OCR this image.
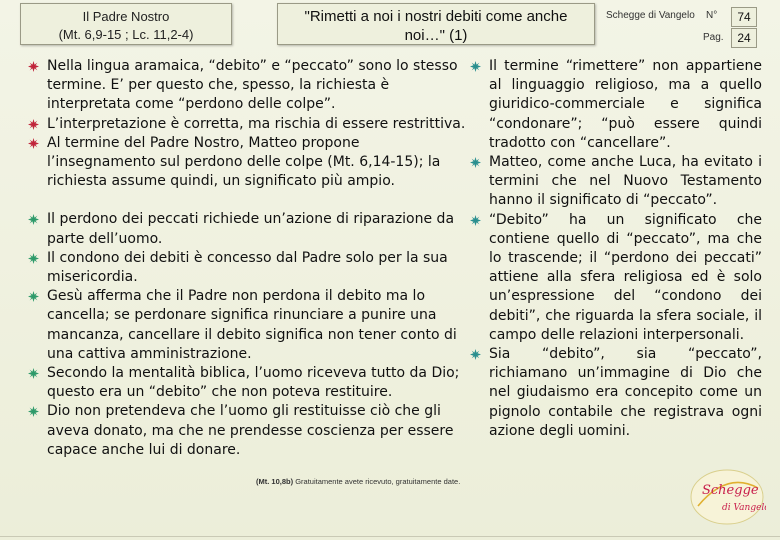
Il Padre Nostro
(Mt. 6,9-15 ; Lc. 11,2-4)
"Rimetti a noi i nostri debiti come anche
noi…" (1)
Schegge di Vangelo N°	74
Pag.	24
Nella lingua aramaica, “debito” e “peccato” sono lo stesso termine. E’ per questo che, spesso, la richiesta è interpretata come “perdono delle colpe”.
L’interpretazione è corretta, ma rischia di essere restrittiva.
Al termine del Padre Nostro, Matteo propone l’insegnamento sul perdono delle colpe (Mt. 6,14-15); la richiesta assume quindi, un significato più ampio.
Il perdono dei peccati richiede un’azione di riparazione da parte dell’uomo.
Il condono dei debiti è concesso dal Padre solo per la sua misericordia.
Gesù afferma che il Padre non perdona il debito ma lo cancella; se perdonare significa rinunciare a punire una mancanza, cancellare il debito significa non tener conto di una cattiva amministrazione.
Secondo la mentalità biblica, l’uomo riceveva tutto da Dio; questo era un “debito” che non poteva restituire.
Dio non pretendeva che l’uomo gli restituisse ciò che gli aveva donato, ma che ne prendesse coscienza per essere capace anche lui di donare.
Il termine “rimettere” non appartiene al linguaggio religioso, ma a quello giuridico-commerciale e significa “condonare”; “può essere quindi tradotto con “cancellare”.
Matteo, come anche Luca, ha evitato i termini che nel Nuovo Testamento hanno il significato di “peccato”.
“Debito” ha un significato che contiene quello di “peccato”, ma che lo trascende; il “perdono dei peccati” attiene alla sfera religiosa ed è solo un’espressione del “condono dei debiti”, che riguarda la sfera sociale, il campo delle relazioni interpersonali.
Sia “debito”, sia “peccato”, richiamano un’immagine di Dio che nel giudaismo era concepito come un pignolo contabile che registrava ogni azione degli uomini.
(Mt. 10,8b) Gratuitamente avete ricevuto, gratuitamente date.
Schegge
di Vangelo
